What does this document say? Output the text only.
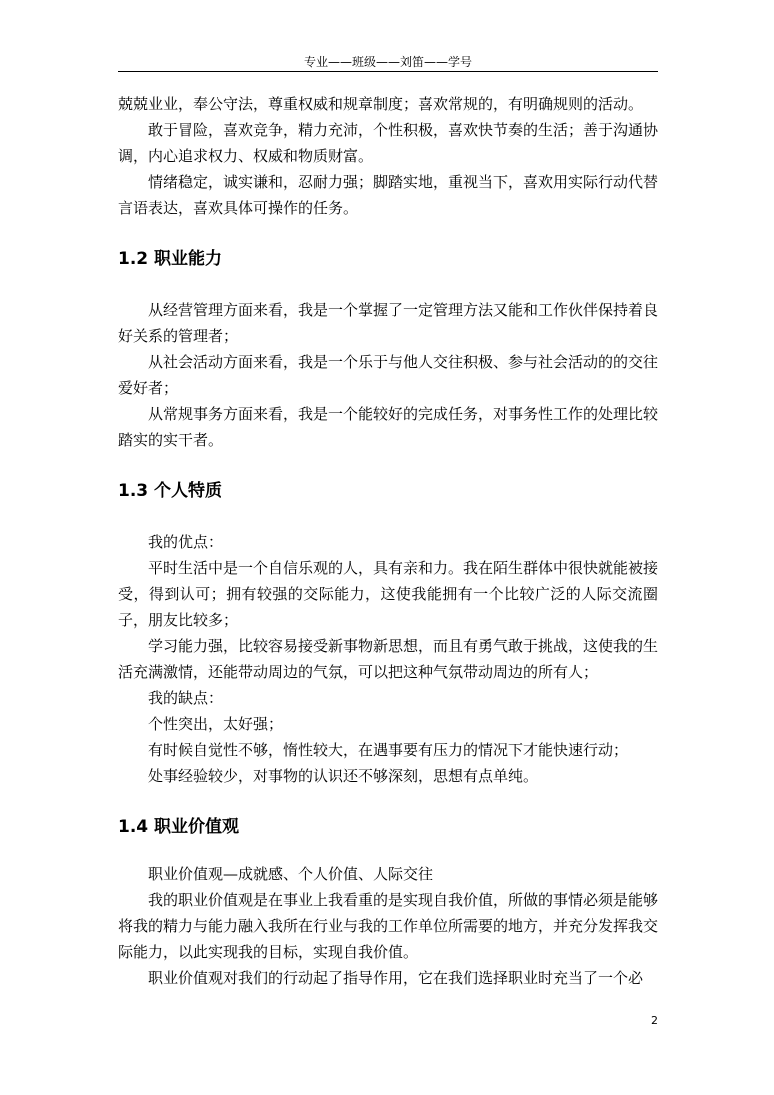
专业——班级——刘笛——学号

兢兢业业，奉公守法，尊重权威和规章制度；喜欢常规的，有明确规则的活动。

敢于冒险，喜欢竞争，精力充沛，个性积极，喜欢快节奏的生活；善于沟通协调，内心追求权力、权威和物质财富。

情绪稳定，诚实谦和，忍耐力强；脚踏实地，重视当下，喜欢用实际行动代替言语表达，喜欢具体可操作的任务。

1.2 职业能力

从经营管理方面来看，我是一个掌握了一定管理方法又能和工作伙伴保持着良好关系的管理者；

从社会活动方面来看，我是一个乐于与他人交往积极、参与社会活动的的交往爱好者；

从常规事务方面来看，我是一个能较好的完成任务，对事务性工作的处理比较踏实的实干者。

1.3 个人特质

我的优点：

平时生活中是一个自信乐观的人，具有亲和力。我在陌生群体中很快就能被接受，得到认可；拥有较强的交际能力，这使我能拥有一个比较广泛的人际交流圈子，朋友比较多；

学习能力强，比较容易接受新事物新思想，而且有勇气敢于挑战，这使我的生活充满激情，还能带动周边的气氛，可以把这种气氛带动周边的所有人；

我的缺点：

个性突出，太好强；

有时候自觉性不够，惰性较大，在遇事要有压力的情况下才能快速行动；

处事经验较少，对事物的认识还不够深刻，思想有点单纯。

1.4 职业价值观

职业价值观—成就感、个人价值、人际交往

我的职业价值观是在事业上我看重的是实现自我价值，所做的事情必须是能够将我的精力与能力融入我所在行业与我的工作单位所需要的地方，并充分发挥我交际能力，以此实现我的目标，实现自我价值。

职业价值观对我们的行动起了指导作用，它在我们选择职业时充当了一个必

2
